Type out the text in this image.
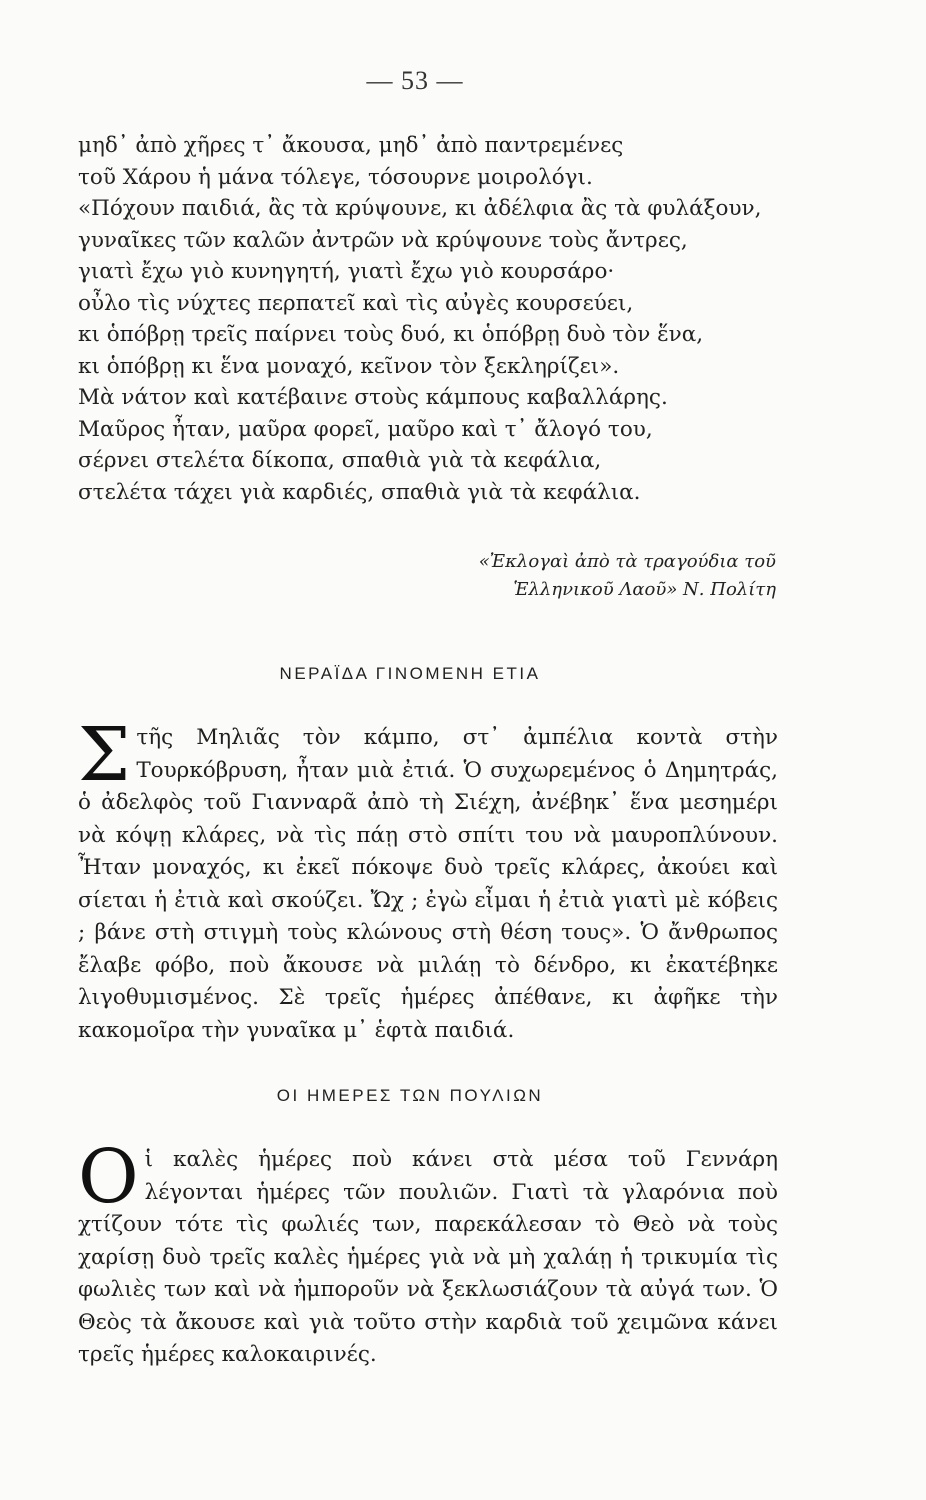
— 53 —
μηδ᾽ ἀπὸ χῆρες τ᾽ ἄκουσα, μηδ᾽ ἀπὸ παντρεμένες
τοῦ Χάρου ἡ μάνα τόλεγε, τόσουρνε μοιρολόγι.
«Πόχουν παιδιά, ἂς τὰ κρύψουνε, κι ἀδέλφια ἂς τὰ φυλάξουν,
γυναῖκες τῶν καλῶν ἀντρῶν νὰ κρύψουνε τοὺς ἄντρες,
γιατὶ ἔχω γιὸ κυνηγητή, γιατὶ ἔχω γιὸ κουρσάρο·
οὖλο τὶς νύχτες περπατεῖ καὶ τὶς αὐγὲς κουρσεύει,
κι ὁπόβρῃ τρεῖς παίρνει τοὺς δυό, κι ὁπόβρῃ δυὸ τὸν ἕνα,
κι ὁπόβρῃ κι ἕνα μοναχό, κεῖνον τὸν ξεκληρίζει».
Μὰ νάτον καὶ κατέβαινε στοὺς κάμπους καβαλλάρης.
Μαῦρος ἦταν, μαῦρα φορεῖ, μαῦρο καὶ τ᾽ ἄλογό του,
σέρνει στελέτα δίκοπα, σπαθιὰ γιὰ τὰ κεφάλια,
στελέτα τάχει γιὰ καρδιές, σπαθιὰ γιὰ τὰ κεφάλια.
«Ἐκλογαὶ ἀπὸ τὰ τραγούδια τοῦ
Ἑλληνικοῦ Λαοῦ» Ν. Πολίτη
ΝΕΡΑΪΔΑ ΓΙΝΟΜΕΝΗ ΕΤΙΑ
Στῆς Μηλιᾶς τὸν κάμπο, στ᾽ ἀμπέλια κοντὰ στὴν Τουρκόβρυση, ἦταν μιὰ ἐτιά. Ὁ συχωρεμένος ὁ Δημητράς, ὁ ἀδελφὸς τοῦ Γιανναρᾶ ἀπὸ τὴ Σιέχη, ἀνέβηκ᾽ ἕνα μεσημέρι νὰ κόψῃ κλάρες, νὰ τὶς πάῃ στὸ σπίτι του νὰ μαυροπλύνουν. Ἦταν μοναχός, κι ἐκεῖ πόκοψε δυὸ τρεῖς κλάρες, ἀκούει καὶ σίεται ἡ ἐτιὰ καὶ σκούζει. Ὤχ ; ἐγὼ εἶμαι ἡ ἐτιὰ γιατὶ μὲ κόβεις ; βάνε στὴ στιγμὴ τοὺς κλώνους στὴ θέση τους». Ὁ ἄνθρωπος ἔλαβε φόβο, ποὺ ἄκουσε νὰ μιλάῃ τὸ δένδρο, κι ἐκατέβηκε λιγοθυμισμένος. Σὲ τρεῖς ἡμέρες ἀπέθανε, κι ἀφῆκε τὴν κακομοῖρα τὴν γυναῖκα μ᾽ ἑφτὰ παιδιά.
ΟΙ ΗΜΕΡΕΣ ΤΩΝ ΠΟΥΛΙΩΝ
Οἱ καλὲς ἡμέρες ποὺ κάνει στὰ μέσα τοῦ Γεννάρη λέγονται ἡμέρες τῶν πουλιῶν. Γιατὶ τὰ γλαρόνια ποὺ χτίζουν τότε τὶς φωλιές των, παρεκάλεσαν τὸ Θεὸ νὰ τοὺς χαρίσῃ δυὸ τρεῖς καλὲς ἡμέρες γιὰ νὰ μὴ χαλάῃ ἡ τρικυμία τὶς φωλιὲς των καὶ νὰ ἠμποροῦν νὰ ξεκλωσιάζουν τὰ αὐγά των. Ὁ Θεὸς τὰ ἄκουσε καὶ γιὰ τοῦτο στὴν καρδιὰ τοῦ χειμῶνα κάνει τρεῖς ἡμέρες καλοκαιρινές.
